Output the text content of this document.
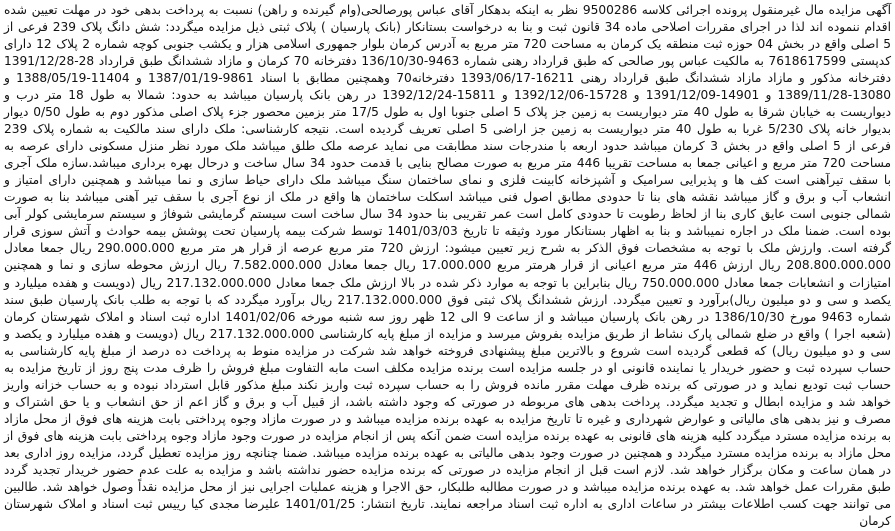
آگهی مزایده مال غیرمنقول پرونده اجرائی کلاسه 9500286 نظر به اینکه بدهکار آقای عباس پورصالحی(وام گیرنده و راهن) نسبت به پرداخت بدهی خود در مهلت تعیین شده اقدام ننموده اند لذا در اجرای مقررات اصلاحی ماده 34 قانون ثبت و بنا به درخواست بستانکار (بانک پارسیان ) پلاک ثبتی ذیل مزایده میگردد: شش دانگ پلاک 239 فرعی از 5 اصلی واقع در بخش 04 حوزه ثبت منطقه یک کرمان به مساحت 720 متر مربع به آدرس کرمان بلوار جمهوری اسلامی هزار و یکشب جنوبی کوچه شماره 2 پلاک 12 دارای کدپستی 7618617599 به مالکیت عباس پور صالحی که طبق قرارداد رهنی شماره 9463-136/10/30 دفترخانه 70 کرمان و مازاد ششدانگ طبق قرارداد 28-1391/12/28 دفترخانه مذکور و مازاد مازاد ششدانگ طبق قرارداد رهنی 16211-1393/06/17 دفترخانه70 وهمچنین مطابق با اسناد 9861-1387/01/19 و 11404-1388/05/19 و 13080-1389/11/28 و 14901-1391/12/09 و 15728-1392/12/06 و 15811-1392/12/24 در رهن بانک پارسیان میباشد به حدود: شمالا به طول 18 متر درب و دیواریست به خیابان شرقا به طول 40 متر دیواریست به زمین جز پلاک 5 اصلی جنوبا اول به طول 17/5 متر بزمین محصور جزء پلاک اصلی مذکور دوم به طول 0/50 دیوار بدیوار خانه پلاک 5/230 غربا به طول 40 متر دیواریست به زمین جز اراضی 5 اصلی تعریف گردیده است. نتیجه کارشناسی: ملک دارای سند مالکیت به شماره پلاک 239 فرعی از 5 اصلی واقع در بخش 3 کرمان میباشد حدود اربعه با مندرجات سند مطابقت می نماید عرصه ملک طلق میباشد ملک مورد نظر منزل مسکونی دارای عرصه به مساحت 720 متر مربع و اعیانی جمعا به مساحت تقریبا 446 متر مربع به صورت مصالح بنایی با قدمت حدود 34 سال ساخت و درحال بهره برداری میباشد.سازه ملک آجری با سقف تیرآهنی است کف ها و پذیرایی سرامیک و آشپزخانه کابینت فلزی و نمای ساختمان سنگ میباشد ملک دارای حیاط سازی و نما میباشد و همچنین دارای امتیاز و انشعاب آب و برق و گاز میباشد نقشه های بنا تا حدودی مطابق اصول فنی میباشد اسکلت ساختمان ها واقع در ملک از نوع آجری با سقف تیر آهنی میباشد بنا به صورت شمالی جنوبی است عایق کاری بنا از لحاظ رطوبت تا حدودی کامل است عمر تقریبی بنا حدود 34 سال ساخت است سیستم گرمایشی شوفاژ و سیستم سرمایشی کولر آبی بوده است. ضمنا ملک در اجاره نمیباشد و بنا به اظهار بستانکار مورد وثیقه تا تاریخ 1401/03/03 توسط شرکت بیمه پارسیان تحت پوشش بیمه حوادث و آتش سوزی قرار گرفته است. وارزش ملک با توجه به مشخصات فوق الذکر به شرح زیر تعیین میشود: ارزش 720 متر مربع عرصه از قرار هر متر مربع 290.000.000 ریال جمعا معادل 208.800.000.000 ریال ارزش 446 متر مربع اعیانی از قرار هرمتر مربع 17.000.000 ریال جمعا معادل 7.582.000.000 ریال ارزش محوطه سازی و نما و همچنین امتیازات و انشعابات جمعا معادل 750.000.000 ریال بنابراین با توجه به موارد ذکر شده در بالا ارزش ملک جمعا معادل 217.132.000.000 ریال (دویست و هفده میلیارد و یکصد و سی و دو میلیون ریال)برآورد و تعیین میگردد. ارزش ششدانگ پلاک ثبتی فوق 217.132.000.000 ریال برآورد میگردد که با توجه به طلب بانک پارسیان طبق سند شماره 9463 مورخ 1386/10/30 در رهن بانک پارسیان میباشد و از ساعت 9 الی 12 ظهر روز سه شنبه مورخه 1401/02/06 اداره ثبت اسناد و املاک شهرستان کرمان (شعبه اجرا ) واقع در ضلع شمالی پارک نشاط از طریق مزایده بفروش میرسد و مزایده از مبلغ پایه کارشناسی 217.132.000.000 ریال (دویست و هفده میلیارد و یکصد و سی و دو میلیون ریال) که قطعی گردیده است شروع و بالاترین مبلغ پیشنهادی فروخته خواهد شد شرکت در مزایده منوط به پرداخت ده درصد از مبلغ پایه کارشناسی به حساب سپرده ثبت و حضور خریدار یا نماینده قانونی او در جلسه مزایده است برنده مزایده مکلف است مابه التفاوت مبلغ فروش را ظرف مدت پنج روز از تاریخ مزایده به حساب ثبت تودیع نماید و در صورتی که برنده ظرف مهلت مقرر مانده فروش را به حساب سپرده ثبت واریز نکند مبلغ مذکور قابل استرداد نبوده و به حساب خزانه واریز خواهد شد و مزایده ابطال و تجدید میگردد. پرداخت بدهی های مربوطه در صورتی که وجود داشته باشد، از قبیل آب و برق و گاز اعم از حق انشعاب و یا حق اشتراک و مصرف و نیز بدهی های مالیاتی و عوارض شهرداری و غیره تا تاریخ مزایده به عهده برنده مزایده میباشد و در صورت مازاد وجوه پرداختی بابت هزینه های فوق از محل مازاد به برنده مزایده مسترد میگردد کلیه هزینه های قانونی به عهده برنده مزایده است ضمن آنکه پس از انجام مزایده در صورت وجود مازاد وجوه پرداختی بابت هزینه های فوق از محل مازاد به برنده مزایده مسترد میگردد و همچنین در صورت وجود بدهی مالیاتی به عهده برنده مزایده میباشد. ضمنا چنانچه روز مزایده تعطیل گردد، مزایده روز اداری بعد در همان ساعت و مکان برگزار خواهد شد. لازم است قبل از انجام مزایده در صورتی که برنده مزایده حضور نداشته باشد و مزایده به علت عدم حضور خریدار تجدید گردد طبق مقررات عمل خواهد شد. به عهده برنده مزایده میباشد و در صورت مطالبه طلبکار، حق الاجرا و هزینه عملیات اجرایی نیز از محل مزایده نقداً وصول خواهد شد. طالبین می توانند جهت کسب اطلاعات بیشتر در ساعات اداری به اداره ثبت اسناد مراجعه نمایند. تاریخ انتشار: 1401/01/25 علیرضا مجدی کیا رییس ثبت اسناد و املاک شهرستان کرمان
